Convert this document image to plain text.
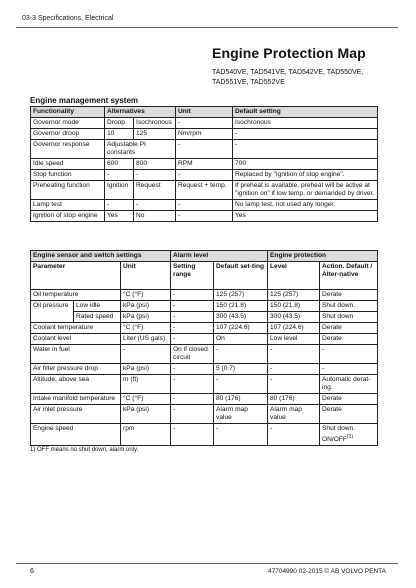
03-3 Specifications, Electrical
Engine Protection Map
TAD540VE, TAD541VE, TAD542VE, TAD550VE, TAD551VE, TAD552VE
Engine management system
Functionality	Alternatives		Unit	Default setting
Governor mode	Droop	Isochronous	-	Isochronous
Governor droop	10	125	Nm/rpm	-
Governor response	Adjustable PI constants		-	-
Idle speed	600	800	RPM	700
Stop function	-	-	-	Replaced by "Ignition of stop engine".
Preheating function	Ignition	Request	Request + temp.	If preheat is available, preheat will be active at "ignition on" if low temp. or demanded by driver.
Lamp test	-	-	-	No lamp test, not used any longer.
Ignition of stop engine	Yes	No	-	Yes
Engine sensor and switch settings			Alarm level		Engine protection	
Parameter		Unit	Setting range	Default set-ting	Level	Action. Default / Alter-native
Oil temperature		°C (°F)	-	125 (257)	125 (257)	Derate
Oil pressure	Low idle	kPa (psi)	-	150 (21.8)	150 (21.8)	Shut down.
	Rated speed	kPa (psi)	-	300 (43.5)	300 (43.5)	Shut down
Coolant temperature		°C (°F)	-	107 (224.6)	107 (224.6)	Derate
Coolant level		Liter (US gals)	-	On	Low level	Derate
Water in fuel		-	On if closed circuit	-	-	-
Air filter pressure drop		kPa (psi)	-	5 (0.7)	-	-
Altitude, above sea		m (ft)	-	-	-	Automatic derat-ing.
Intake manifold temperature		°C (°F)	-	80 (176)	80 (176)	Derate
Air inlet pressure		kPa (psi)	-	Alarm map value	Alarm map value	Derate
Engine speed		rpm	-	-	-	Shut down. ON/OFF$^{(1)}$
1) OFF means no shut down, alarm only.
6	47704990 02-2015 © AB VOLVO PENTA
